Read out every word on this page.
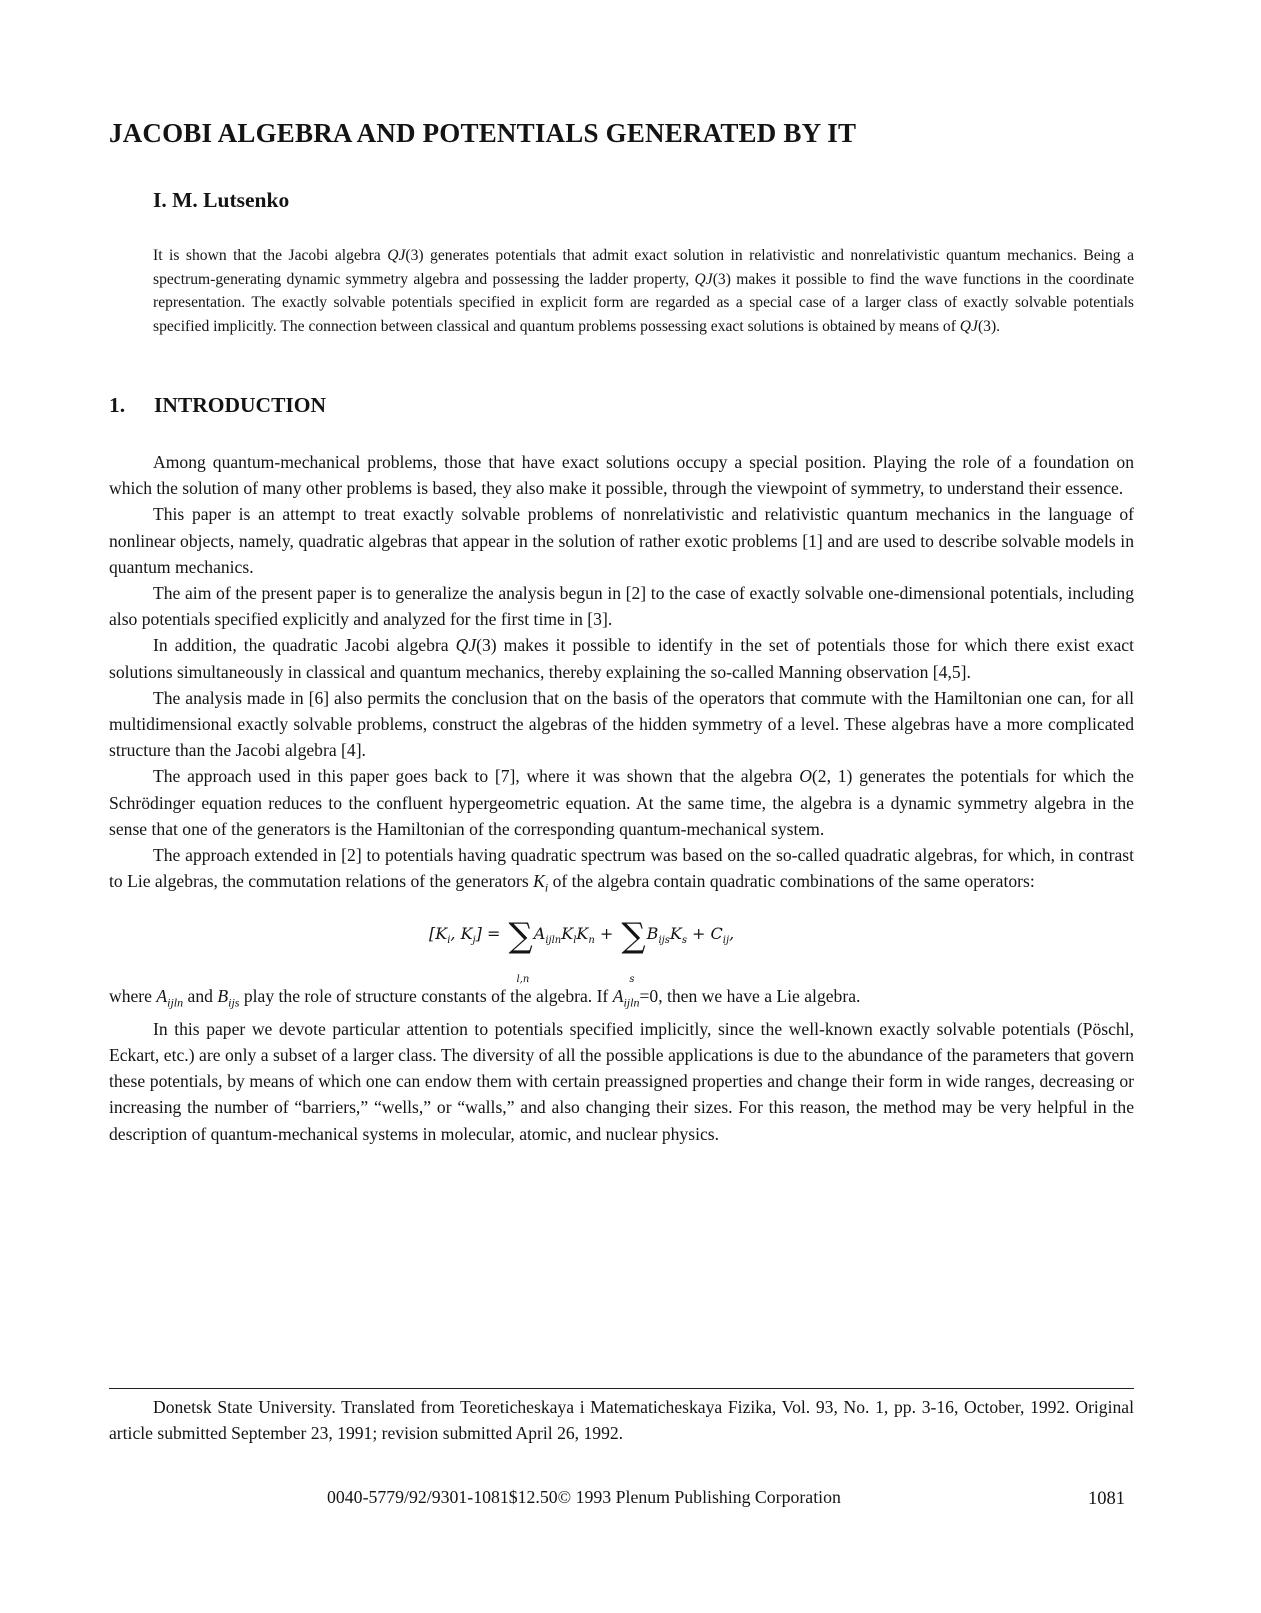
JACOBI ALGEBRA AND POTENTIALS GENERATED BY IT
I. M. Lutsenko

It is shown that the Jacobi algebra QJ(3) generates potentials that admit exact solution in relativistic and nonrelativistic quantum mechanics. Being a spectrum-generating dynamic symmetry algebra and possessing the ladder property, QJ(3) makes it possible to find the wave functions in the coordinate representation. The exactly solvable potentials specified in explicit form are regarded as a special case of a larger class of exactly solvable potentials specified implicitly. The connection between classical and quantum problems possessing exact solutions is obtained by means of QJ(3).

1. INTRODUCTION

Among quantum-mechanical problems, those that have exact solutions occupy a special position. Playing the role of a foundation on which the solution of many other problems is based, they also make it possible, through the viewpoint of symmetry, to understand their essence.

This paper is an attempt to treat exactly solvable problems of nonrelativistic and relativistic quantum mechanics in the language of nonlinear objects, namely, quadratic algebras that appear in the solution of rather exotic problems [1] and are used to describe solvable models in quantum mechanics.

The aim of the present paper is to generalize the analysis begun in [2] to the case of exactly solvable one-dimensional potentials, including also potentials specified explicitly and analyzed for the first time in [3].

In addition, the quadratic Jacobi algebra QJ(3) makes it possible to identify in the set of potentials those for which there exist exact solutions simultaneously in classical and quantum mechanics, thereby explaining the so-called Manning observation [4,5].

The analysis made in [6] also permits the conclusion that on the basis of the operators that commute with the Hamiltonian one can, for all multidimensional exactly solvable problems, construct the algebras of the hidden symmetry of a level. These algebras have a more complicated structure than the Jacobi algebra [4].

The approach used in this paper goes back to [7], where it was shown that the algebra O(2, 1) generates the potentials for which the Schrödinger equation reduces to the confluent hypergeometric equation. At the same time, the algebra is a dynamic symmetry algebra in the sense that one of the generators is the Hamiltonian of the corresponding quantum-mechanical system.

The approach extended in [2] to potentials having quadratic spectrum was based on the so-called quadratic algebras, for which, in contrast to Lie algebras, the commutation relations of the generators $K_i$ of the algebra contain quadratic combinations of the same operators:

[$K_i$, $K_j$] = ∑
l,n
$A_{ijln}K_lK_n$ + ∑
s
$B_{ijs}K_s + C_{ij}$,

where $A_{ijln}$ and $B_{ijs}$ play the role of structure constants of the algebra. If $A_{ijln}=0$, then we have a Lie algebra.

In this paper we devote particular attention to potentials specified implicitly, since the well-known exactly solvable potentials (Pöschl, Eckart, etc.) are only a subset of a larger class. The diversity of all the possible applications is due to the abundance of the parameters that govern these potentials, by means of which one can endow them with certain preassigned properties and change their form in wide ranges, decreasing or increasing the number of “barriers,” “wells,” or “walls,” and also changing their sizes. For this reason, the method may be very helpful in the description of quantum-mechanical systems in molecular, atomic, and nuclear physics.

Donetsk State University. Translated from Teoreticheskaya i Matematicheskaya Fizika, Vol. 93, No. 1, pp. 3-16, October, 1992. Original article submitted September 23, 1991; revision submitted April 26, 1992.

0040-5779/92/9301-1081$12.50© 1993 Plenum Publishing Corporation	1081
